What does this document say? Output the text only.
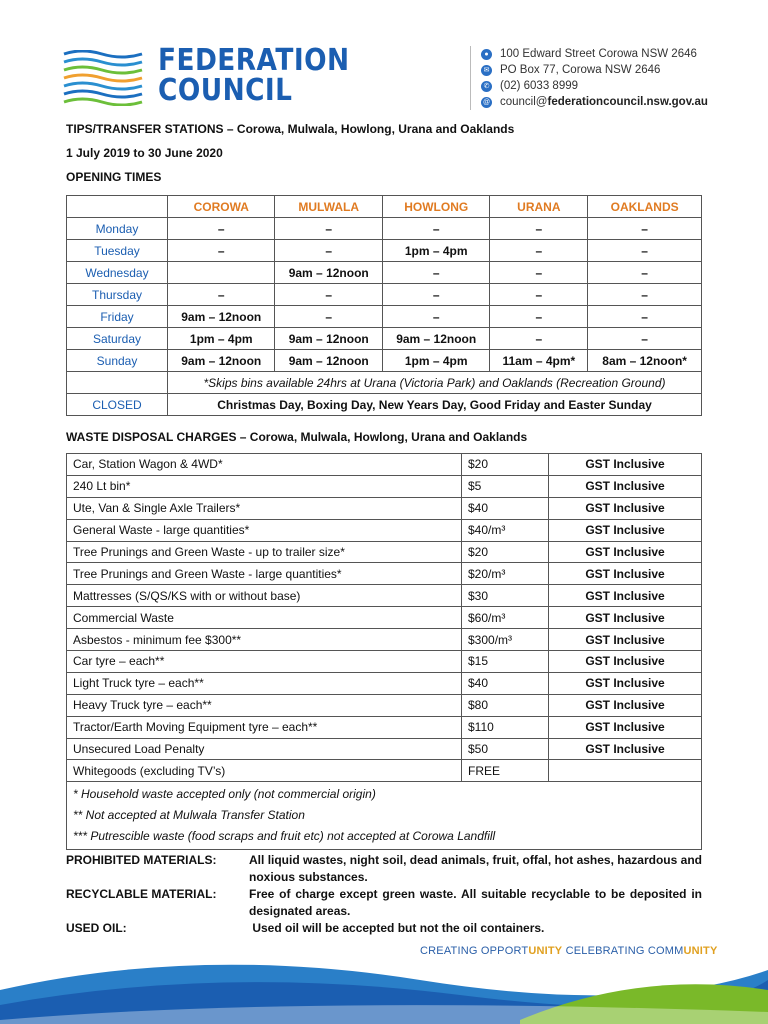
FEDERATION
COUNCIL
● 100 Edward Street Corowa NSW 2646
✉ PO Box 77, Corowa NSW 2646
✆ (02) 6033 8999
@ council@ federationcouncil.nsw.gov.au
TIPS/TRANSFER STATIONS – Corowa, Mulwala, Howlong, Urana and Oaklands
1 July 2019 to 30 June 2020
OPENING TIMES
	COROWA	MULWALA	HOWLONG	URANA	OAKLANDS
Monday	–	–	–	–	–
Tuesday	–	–	1pm – 4pm	–	–
Wednesday		9am – 12noon	–	–	–
Thursday	–	–	–	–	–
Friday	9am – 12noon	–	–	–	–
Saturday	1pm – 4pm	9am – 12noon	9am – 12noon	–	–
Sunday	9am – 12noon	9am – 12noon	1pm – 4pm	11am – 4pm*	8am – 12noon*
	*Skips bins available 24hrs at Urana (Victoria Park) and Oaklands (Recreation Ground)				
CLOSED	Christmas Day, Boxing Day, New Years Day, Good Friday and Easter Sunday				
WASTE DISPOSAL CHARGES – Corowa, Mulwala, Howlong, Urana and Oaklands
Car, Station Wagon & 4WD*	$20	GST Inclusive
240 Lt bin*	$5	GST Inclusive
Ute, Van & Single Axle Trailers*	$40	GST Inclusive
General Waste - large quantities*	$40/m³	GST Inclusive
Tree Prunings and Green Waste - up to trailer size*	$20	GST Inclusive
Tree Prunings and Green Waste - large quantities*	$20/m³	GST Inclusive
Mattresses (S/QS/KS with or without base)	$30	GST Inclusive
Commercial Waste	$60/m³	GST Inclusive
Asbestos - minimum fee $300**	$300/m³	GST Inclusive
Car tyre – each**	$15	GST Inclusive
Light Truck tyre – each**	$40	GST Inclusive
Heavy Truck tyre – each**	$80	GST Inclusive
Tractor/Earth Moving Equipment tyre – each**	$110	GST Inclusive
Unsecured Load Penalty	$50	GST Inclusive
Whitegoods (excluding TV’s)	FREE	

* Household waste accepted only (not commercial origin)
** Not accepted at Mulwala Transfer Station
*** Putrescible waste (food scraps and fruit etc) not accepted at Corowa Landfill		
PROHIBITED MATERIALS:	All liquid wastes, night soil, dead animals, fruit, offal, hot ashes, hazardous and noxious substances.
RECYCLABLE MATERIAL:	Free of charge except green waste. All suitable recyclable to be deposited in designated areas.
USED OIL:	Used oil will be accepted but not the oil containers.
CREATING OPPORTUNITY CELEBRATING COMMUNITY
